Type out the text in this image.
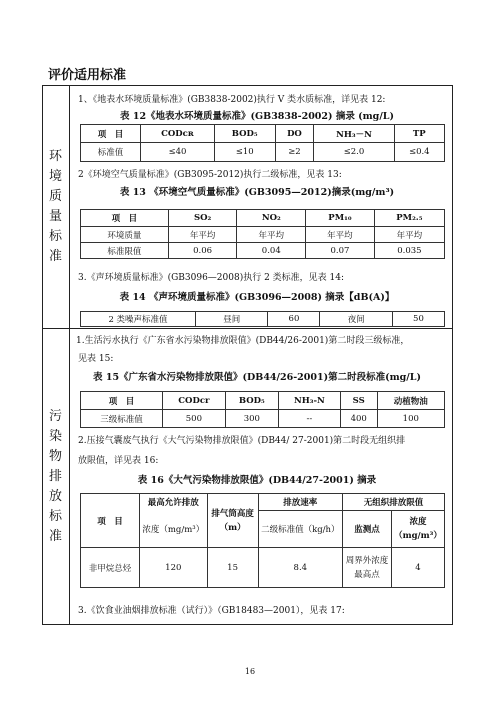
评价适用标准
环
境
质
量
标
准
污
染
物
排
放
标
准
1、《地表水环境质量标准》(GB3838-2002)执行 V 类水质标准，详见表 12:
表 12《地表水环境质量标准》(GB3838-2002) 摘录 (mg/L)
项　目	CODᴄʀ	BOD₅	DO	NH₃－N	TP
标准值	≤40	≤10	≥2	≤2.0	≤0.4
2《环境空气质量标准》(GB3095-2012)执行二级标准，见表 13:
表 13 《环境空气质量标准》(GB3095—2012)摘录(mg/m³)
项　目	SO₂	NO₂	PM₁₀	PM₂.₅
环境质量	年平均	年平均	年平均	年平均
标准限值	0.06	0.04	0.07	0.035
3.《声环境质量标准》(GB3096—2008)执行 2 类标准，见表 14:
表 14 《声环境质量标准》(GB3096—2008) 摘录【dB(A)】
2 类噪声标准值	昼间	60	夜间	50
1.生活污水执行《广东省水污染物排放限值》(DB44/26-2001)第二时段三级标准，
见表 15:
表 15《广东省水污染物排放限值》(DB44/26-2001)第二时段标准(mg/L)
项　目	CODcr	BOD₅	NH₃-N	SS	动植物油
三级标准值	500	300	--	400	100
2.压接气囊废气执行《大气污染物排放限值》(DB44/ 27-2001)第二时段无组织排
放限值，详见表 16:
表 16《大气污染物排放限值》(DB44/27-2001) 摘录
项　目	最高允许排放	排气筒高度（m）	排放速率	无组织排放限值	
	浓度（mg/m³）		二级标准值（kg/h）	监测点	浓度（mg/m³）
非甲烷总烃	120	15	8.4	周界外浓度最高点	4
3.《饮食业油烟排放标准（试行）》（GB18483—2001），见表 17:
16
